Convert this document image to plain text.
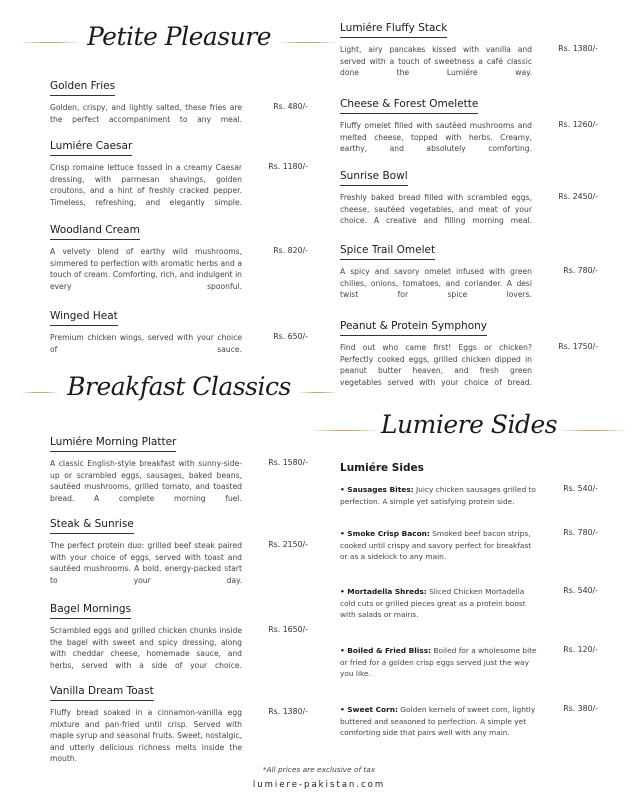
Petite Pleasure
Golden Fries
Golden, crispy, and lightly salted, these fries are the perfect accompaniment to any meal.
Rs. 480/-
Lumiére Caesar
Crisp romaine lettuce tossed in a creamy Caesar dressing, with parmesan shavings, golden croutons, and a hint of freshly cracked pepper. Timeless, refreshing, and elegantly simple.
Rs. 1180/-
Woodland Cream
A velvety blend of earthy wild mushrooms, simmered to perfection with aromatic herbs and a touch of cream. Comforting, rich, and indulgent in every spoonful.
Rs. 820/-
Winged Heat
Premium chicken wings, served with your choice of sauce.
Rs. 650/-
Breakfast Classics
Lumiére Morning Platter
A classic English-style breakfast with sunny-side-up or scrambled eggs, sausages, baked beans, sautéed mushrooms, grilled tomato, and toasted bread. A complete morning fuel.
Rs. 1580/-
Steak & Sunrise
The perfect protein duo: grilled beef steak paired with your choice of eggs, served with toast and sautéed mushrooms. A bold, energy-packed start to your day.
Rs. 2150/-
Bagel Mornings
Scrambled eggs and grilled chicken chunks inside the bagel with sweet and spicy dressing, along with cheddar cheese, homemade sauce, and herbs, served with a side of your choice.
Rs. 1650/-
Vanilla Dream Toast
Fluffy bread soaked in a cinnamon-vanilla egg mixture and pan-fried until crisp. Served with maple syrup and seasonal fruits. Sweet, nostalgic, and utterly delicious richness melts inside the mouth.
Rs. 1380/-
Lumiére Fluffy Stack
Light, airy pancakes kissed with vanilla and served with a touch of sweetness a café classic done the Lumiére way.
Rs. 1380/-
Cheese & Forest Omelette
Fluffy omelet filled with sautéed mushrooms and melted cheese, topped with herbs. Creamy, earthy, and absolutely comforting.
Rs. 1260/-
Sunrise Bowl
Freshly baked bread filled with scrambled eggs, cheese, sautéed vegetables, and meat of your choice. A creative and filling morning meal.
Rs. 2450/-
Spice Trail Omelet
A spicy and savory omelet infused with green chilies, onions, tomatoes, and coriander. A desi twist for spice lovers.
Rs. 780/-
Peanut & Protein Symphony
Find out who came first! Eggs or chicken? Perfectly cooked eggs, grilled chicken dipped in peanut butter heaven, and fresh green vegetables served with your choice of bread.
Rs. 1750/-
Lumiere Sides
Lumiére Sides
• Sausages Bites: Juicy chicken sausages grilled to perfection. A simple yet satisfying protein side.
Rs. 540/-
• Smoke Crisp Bacon: Smoked beef bacon strips, cooked until crispy and savory perfect for breakfast or as a sidekick to any main.
Rs. 780/-
• Mortadella Shreds: Sliced Chicken Mortadella cold cuts or grilled pieces great as a protein boost with salads or mains.
Rs. 540/-
• Boiled & Fried Bliss: Boiled for a wholesome bite or fried for a golden crisp eggs served just the way you like.
Rs. 120/-
• Sweet Corn: Golden kernels of sweet corn, lightly buttered and seasoned to perfection. A simple yet comforting side that pairs well with any main.
Rs. 380/-
*All prices are exclusive of tax
lumiere-pakistan.com
